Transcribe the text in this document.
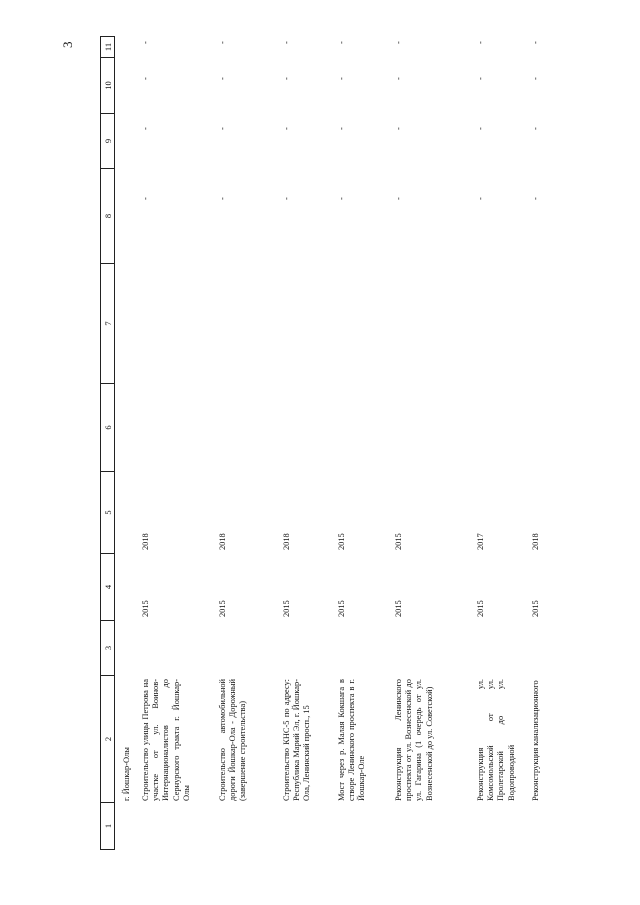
3
1
2
3
4
5
6
7
8
9
10
11
г. Йошкар-Олы Строительство улицы Петрова на участке от ул. Воинов-Интернационалистов до Сернурского тракта г. Йошкар-Олы
2015
2018
-
-
-
-
Строительство автомобильной дороги Йошкар-Ола - Дорожный (завершение строительства)
2015
2018
-
-
-
-
Строительство КНС-5 по адресу: Республика Марий Эл, г. Йошкар-Ола, Ленинский просп., 15
2015
2018
-
-
-
-
Мост через р. Малая Кокшага в створе Ленинского проспекта в г. Йошкар-Оле
2015
2015
-
-
-
-
Реконструкция Ленинского проспекта от ул. Вознесенской до ул. Гагарина (1 очередь от ул. Вознесенской до ул. Советской)
2015
2015
-
-
-
-
Реконструкция ул. Комсомольской от ул. Пролетарской до ул. Водопроводной
2015
2017
-
-
-
-
Реконструкция канализационного
2015
2018
-
-
-
-
